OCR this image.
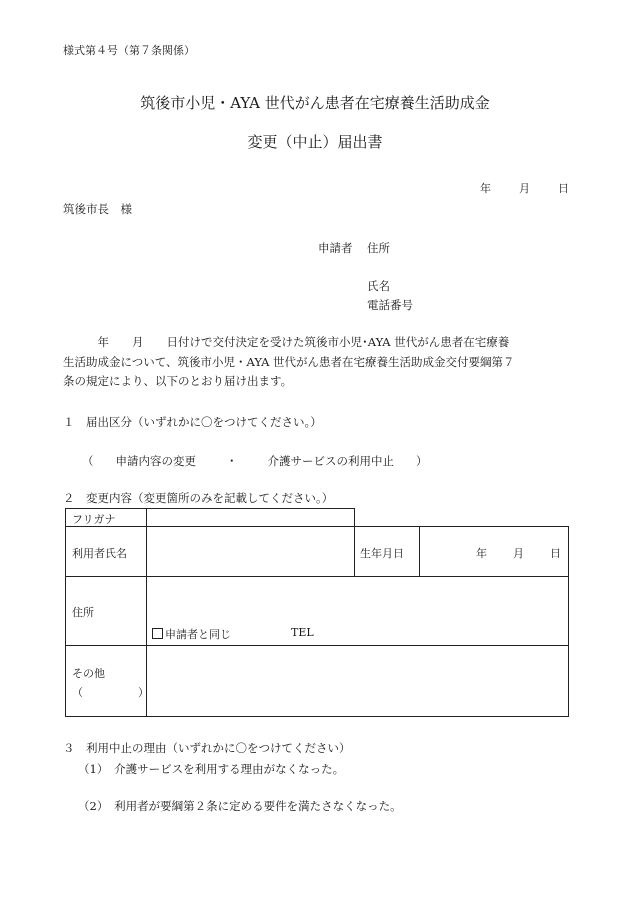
様式第４号（第７条関係）
筑後市小児・AYA 世代がん患者在宅療養生活助成金
変更（中止）届出書
年	月	日
筑後市長　様
申請者 住所
氏名
電話番号
　　　年　　月　　日付けで交付決定を受けた筑後市小児･AYA 世代がん患者在宅療養
生活助成金について、筑後市小児・AYA 世代がん患者在宅療養生活助成金交付要綱第７
条の規定により、以下のとおり届け出ます。
１　届出区分（いずれかに〇をつけてください。）
（ 申請内容の変更	・	介護サービスの利用中止 ）
２　変更内容（変更箇所のみを記載してください。）
フリガナ
利用者氏名	生年月日	年 月 日
住所
申請者と同じ	TEL
その他
（　　　　　）
３　利用中止の理由（いずれかに〇をつけてください）
（1）　介護サービスを利用する理由がなくなった。
（2）　利用者が要綱第２条に定める要件を満たさなくなった。
